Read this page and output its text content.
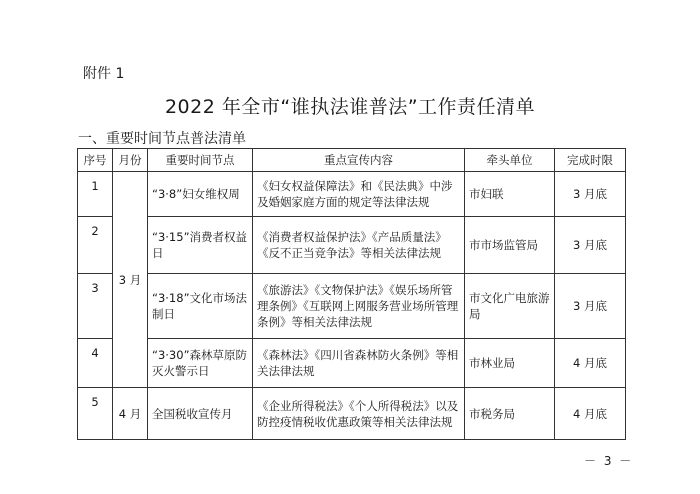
附件 1
2022 年全市“谁执法谁普法”工作责任清单
一、重要时间节点普法清单
序号	月份	重要时间节点	重点宣传内容	牵头单位	完成时限
1	3 月	“3·8”妇女维权周	《妇女权益保障法》和《民法典》中涉及婚姻家庭方面的规定等法律法规	市妇联	3 月底
2		“3·15”消费者权益日	《消费者权益保护法》《产品质量法》《反不正当竞争法》等相关法律法规	市市场监管局	3 月底
3		“3·18”文化市场法制日	《旅游法》《文物保护法》《娱乐场所管理条例》《互联网上网服务营业场所管理条例》等相关法律法规	市文化广电旅游局	3 月底
4		“3·30”森林草原防灭火警示日	《森林法》《四川省森林防火条例》等相关法律法规	市林业局	4 月底
5	4 月	全国税收宣传月	《企业所得税法》《个人所得税法》以及防控疫情税收优惠政策等相关法律法规	市税务局	4 月底
－ 3 －
